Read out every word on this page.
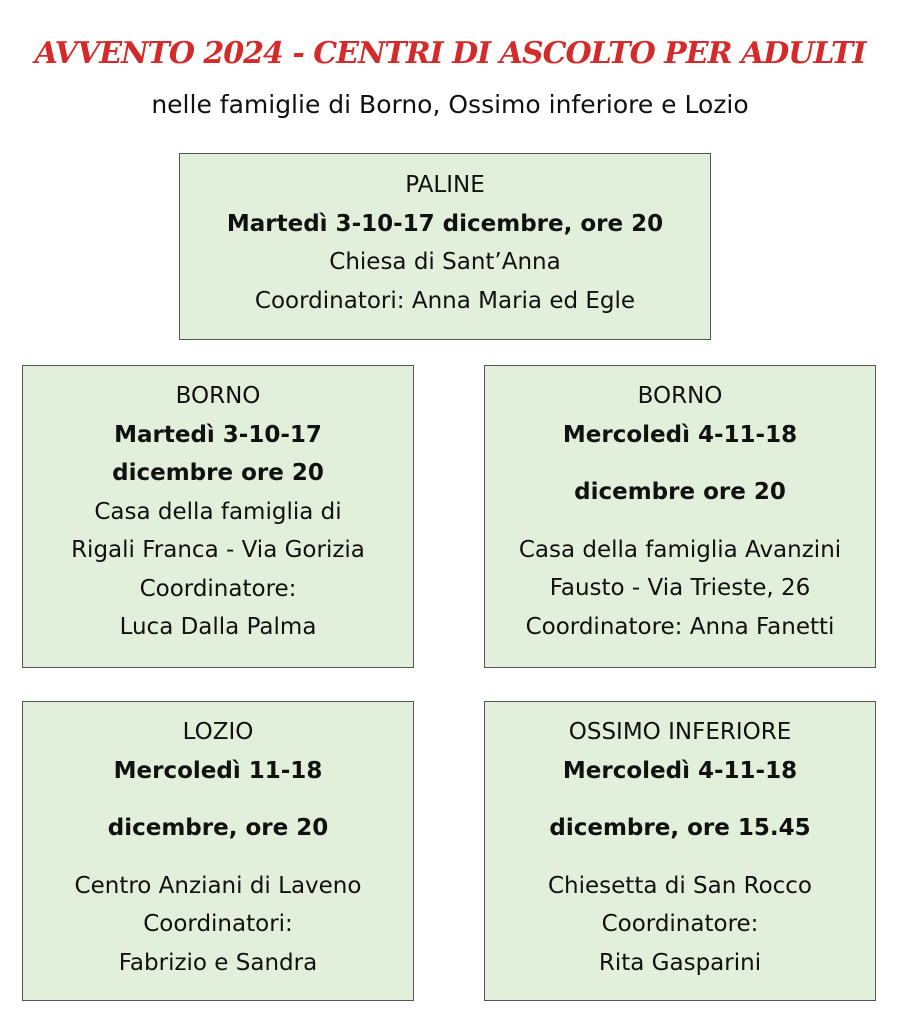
AVVENTO 2024 - CENTRI DI ASCOLTO PER ADULTI
nelle famiglie di Borno, Ossimo inferiore e Lozio
PALINE
Martedì 3-10-17 dicembre, ore 20
Chiesa di Sant’Anna
Coordinatori: Anna Maria ed Egle
BORNO
Martedì 3-10-17
dicembre ore 20
Casa della famiglia di
Rigali Franca - Via Gorizia
Coordinatore:
Luca Dalla Palma
BORNO
Mercoledì 4-11-18
dicembre ore 20
Casa della famiglia Avanzini
Fausto - Via Trieste, 26
Coordinatore: Anna Fanetti
LOZIO
Mercoledì 11-18
dicembre, ore 20
Centro Anziani di Laveno
Coordinatori:
Fabrizio e Sandra
OSSIMO INFERIORE
Mercoledì 4-11-18
dicembre, ore 15.45
Chiesetta di San Rocco
Coordinatore:
Rita Gasparini
